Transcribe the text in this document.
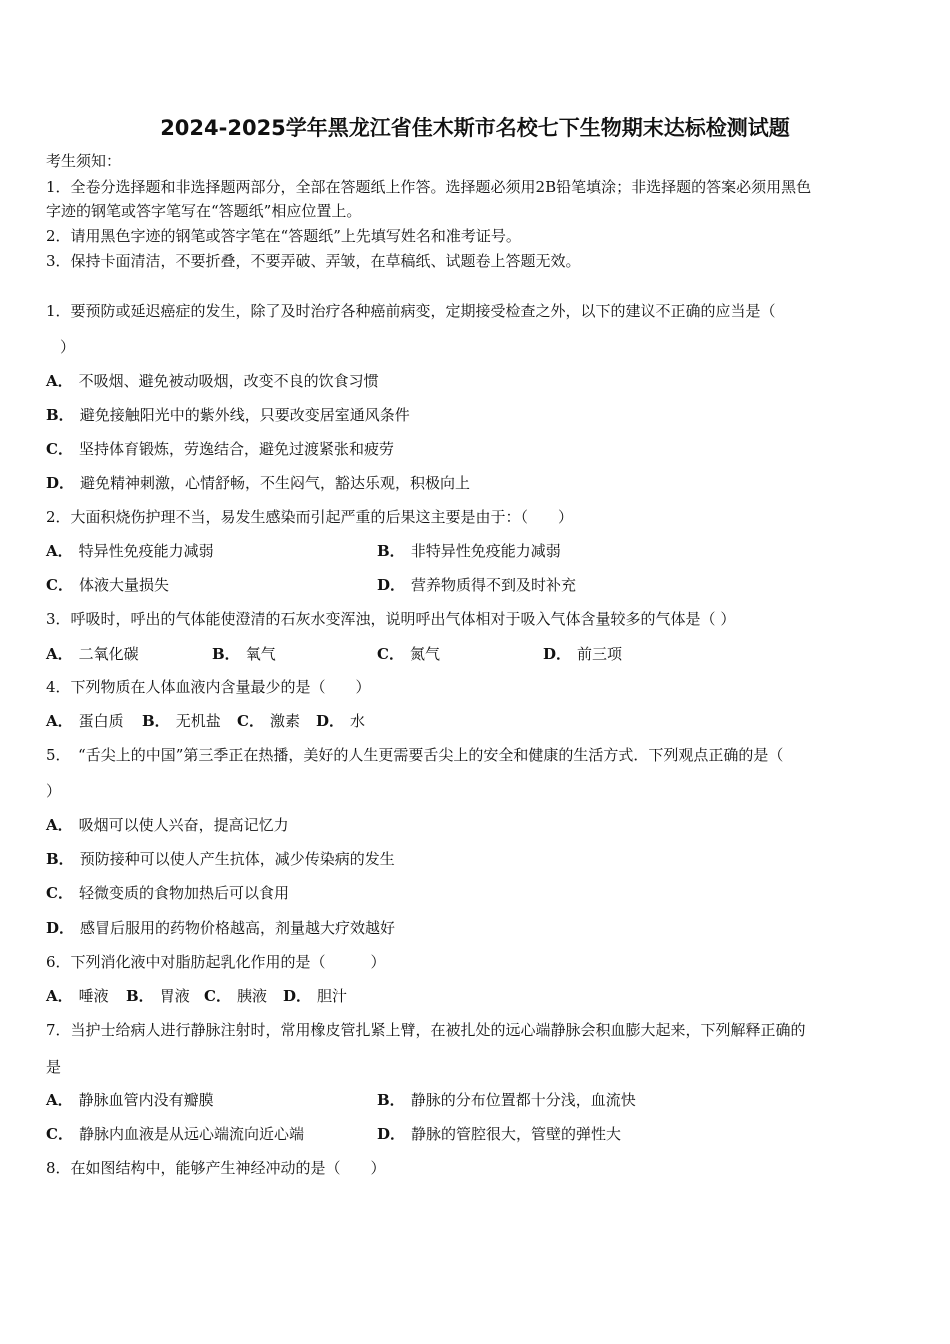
2024-2025学年黑龙江省佳木斯市名校七下生物期末达标检测试题
考生须知：
1．全卷分选择题和非选择题两部分，全部在答题纸上作答。选择题必须用2B铅笔填涂；非选择题的答案必须用黑色
字迹的钢笔或答字笔写在“答题纸”相应位置上。
2．请用黑色字迹的钢笔或答字笔在“答题纸”上先填写姓名和准考证号。
3．保持卡面清洁，不要折叠，不要弄破、弄皱，在草稿纸、试题卷上答题无效。
1．要预防或延迟癌症的发生，除了及时治疗各种癌前病变，定期接受检查之外，以下的建议不正确的应当是（
）
A． 不吸烟、避免被动吸烟，改变不良的饮食习惯
B． 避免接触阳光中的紫外线，只要改变居室通风条件
C． 坚持体育锻炼，劳逸结合，避免过渡紧张和疲劳
D． 避免精神刺激，心情舒畅，不生闷气，豁达乐观，积极向上
2．大面积烧伤护理不当，易发生感染而引起严重的后果这主要是由于：（　　）
A． 特异性免疫能力减弱	B． 非特异性免疫能力减弱
C． 体液大量损失	D． 营养物质得不到及时补充
3．呼吸时，呼出的气体能使澄清的石灰水变浑浊，说明呼出气体相对于吸入气体含量较多的气体是（ ）
A． 二氧化碳	B． 氧气	C． 氮气	D． 前三项
4．下列物质在人体血液内含量最少的是（　　）
A． 蛋白质 B． 无机盐 C． 激素 D． 水
5．　“舌尖上的中国”第三季正在热播，美好的人生更需要舌尖上的安全和健康的生活方式．下列观点正确的是（
）
A． 吸烟可以使人兴奋，提高记忆力
B． 预防接种可以使人产生抗体，减少传染病的发生
C． 轻微变质的食物加热后可以食用
D． 感冒后服用的药物价格越高，剂量越大疗效越好
6．下列消化液中对脂肪起乳化作用的是（　　　）
A． 唾液 B． 胃液 C． 胰液 D． 胆汁
7．当护士给病人进行静脉注射时，常用橡皮管扎紧上臂，在被扎处的远心端静脉会积血膨大起来，下列解释正确的
是
A． 静脉血管内没有瓣膜	B． 静脉的分布位置都十分浅，血流快
C． 静脉内血液是从远心端流向近心端	D． 静脉的管腔很大，管壁的弹性大
8．在如图结构中，能够产生神经冲动的是（　　）
